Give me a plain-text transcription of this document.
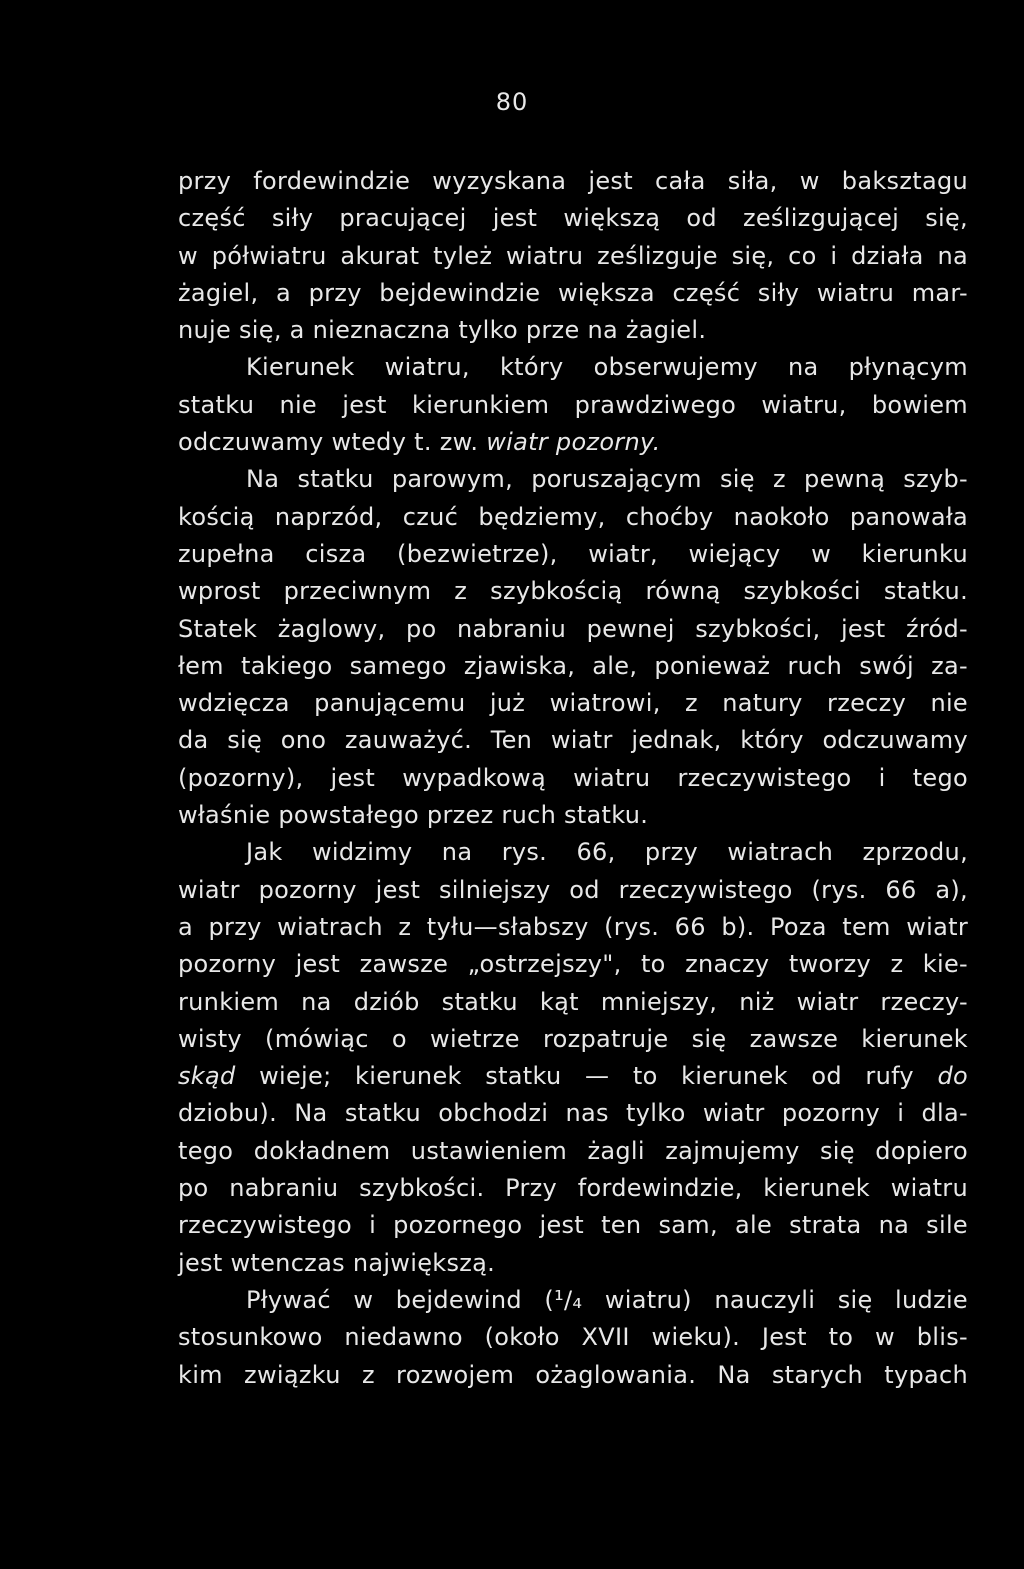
80
przy fordewindzie wyzyskana jest cała siła, w baksztagu
część siły pracującej jest większą od ześlizgującej się,
w półwiatru akurat tyleż wiatru ześlizguje się, co i działa na
żagiel, a przy bejdewindzie większa część siły wiatru mar-
nuje się, a nieznaczna tylko prze na żagiel.
Kierunek wiatru, który obserwujemy na płynącym
statku nie jest kierunkiem prawdziwego wiatru, bowiem
odczuwamy wtedy t. zw. wiatr pozorny.
Na statku parowym, poruszającym się z pewną szyb-
kością naprzód, czuć będziemy, choćby naokoło panowała
zupełna cisza (bezwietrze), wiatr, wiejący w kierunku
wprost przeciwnym z szybkością równą szybkości statku.
Statek żaglowy, po nabraniu pewnej szybkości, jest źród-
łem takiego samego zjawiska, ale, ponieważ ruch swój za-
wdzięcza panującemu już wiatrowi, z natury rzeczy nie
da się ono zauważyć. Ten wiatr jednak, który odczuwamy
(pozorny), jest wypadkową wiatru rzeczywistego i tego
właśnie powstałego przez ruch statku.
Jak widzimy na rys. 66, przy wiatrach zprzodu,
wiatr pozorny jest silniejszy od rzeczywistego (rys. 66 a),
a przy wiatrach z tyłu—słabszy (rys. 66 b). Poza tem wiatr
pozorny jest zawsze „ostrzejszy", to znaczy tworzy z kie-
runkiem na dziób statku kąt mniejszy, niż wiatr rzeczy-
wisty (mówiąc o wietrze rozpatruje się zawsze kierunek
skąd wieje; kierunek statku — to kierunek od rufy do
dziobu). Na statku obchodzi nas tylko wiatr pozorny i dla-
tego dokładnem ustawieniem żagli zajmujemy się dopiero
po nabraniu szybkości. Przy fordewindzie, kierunek wiatru
rzeczywistego i pozornego jest ten sam, ale strata na sile
jest wtenczas największą.
Pływać w bejdewind (¹/₄ wiatru) nauczyli się ludzie
stosunkowo niedawno (około XVII wieku). Jest to w blis-
kim związku z rozwojem ożaglowania. Na starych typach
